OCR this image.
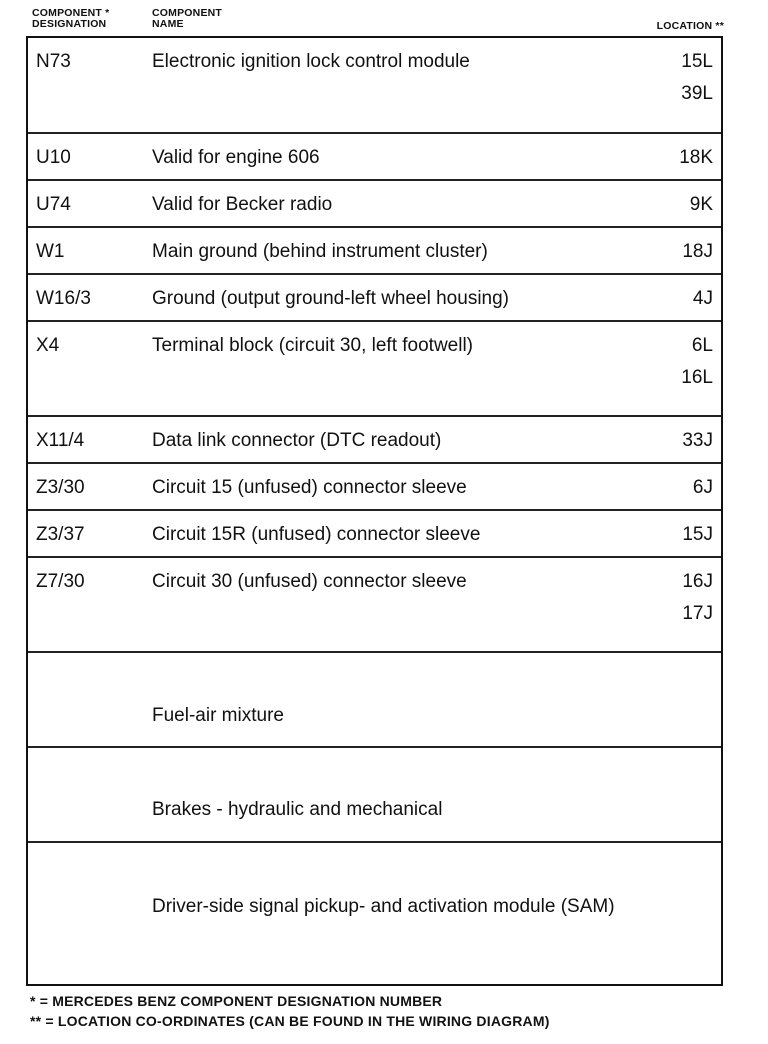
COMPONENT *
DESIGNATION
COMPONENT
NAME	LOCATION **
N73	Electronic ignition lock control module	15L
39L
U10	Valid for engine 606	18K
U74	Valid for Becker radio	9K
W1	Main ground (behind instrument cluster)	18J
W16/3	Ground (output ground-left wheel housing)	4J
X4	Terminal block (circuit 30, left footwell)	6L
16L
X11/4	Data link connector (DTC readout)	33J
Z3/30	Circuit 15 (unfused) connector sleeve	6J
Z3/37	Circuit 15R (unfused) connector sleeve	15J
Z7/30	Circuit 30 (unfused) connector sleeve	16J
17J
Fuel-air mixture
Brakes - hydraulic and mechanical
Driver-side signal pickup- and activation module (SAM)
* = MERCEDES BENZ COMPONENT DESIGNATION NUMBER
** = LOCATION CO-ORDINATES (CAN BE FOUND IN THE WIRING DIAGRAM)
